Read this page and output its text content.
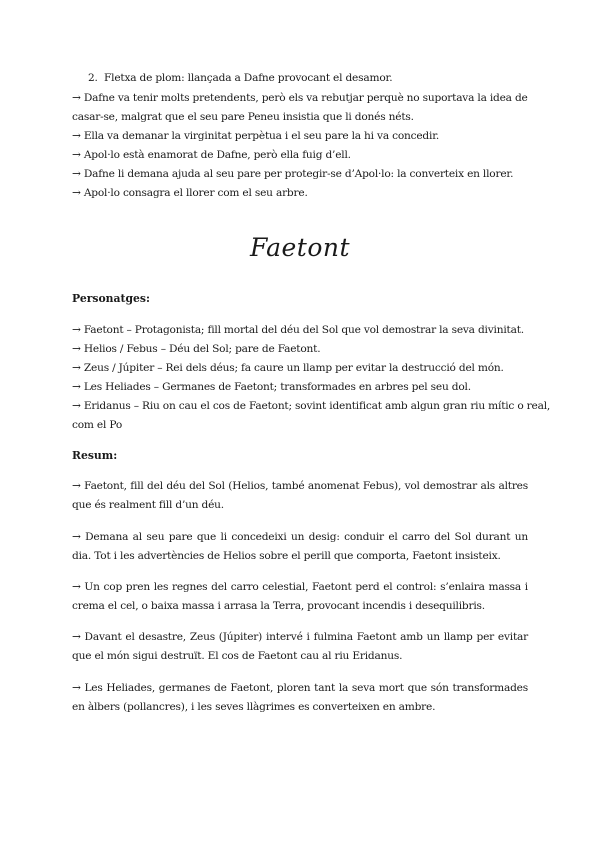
2. Fletxa de plom: llançada a Dafne provocant el desamor.
→ Dafne va tenir molts pretendents, però els va rebutjar perquè no suportava la idea de
casar-se, malgrat que el seu pare Peneu insistia que li donés néts.
→ Ella va demanar la virginitat perpètua i el seu pare la hi va concedir.
→ Apol·lo està enamorat de Dafne, però ella fuig d’ell.
→ Dafne li demana ajuda al seu pare per protegir-se d’Apol·lo: la converteix en llorer.
→ Apol·lo consagra el llorer com el seu arbre.
Faetont
Personatges:
→ Faetont – Protagonista; fill mortal del déu del Sol que vol demostrar la seva divinitat.
→ Helios / Febus – Déu del Sol; pare de Faetont.
→ Zeus / Júpiter – Rei dels déus; fa caure un llamp per evitar la destrucció del món.
→ Les Heliades – Germanes de Faetont; transformades en arbres pel seu dol.
→ Eridanus – Riu on cau el cos de Faetont; sovint identificat amb algun gran riu mític o real,
com el Po
Resum:
→ Faetont, fill del déu del Sol (Helios, també anomenat Febus), vol demostrar als altres que és realment fill d’un déu.
→ Demana al seu pare que li concedeixi un desig: conduir el carro del Sol durant un dia. Tot i les advertències de Helios sobre el perill que comporta, Faetont insisteix.
→ Un cop pren les regnes del carro celestial, Faetont perd el control: s’enlaira massa i crema el cel, o baixa massa i arrasa la Terra, provocant incendis i desequilibris.
→ Davant el desastre, Zeus (Júpiter) intervé i fulmina Faetont amb un llamp per evitar que el món sigui destruït. El cos de Faetont cau al riu Eridanus.
→ Les Heliades, germanes de Faetont, ploren tant la seva mort que són transformades en àlbers (pollancres), i les seves llàgrimes es converteixen en ambre.
